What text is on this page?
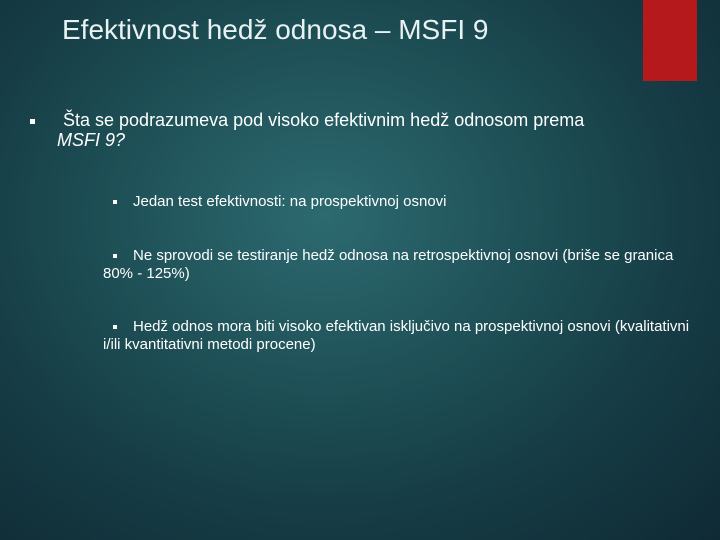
Efektivnost hedž odnosa – MSFI 9
Šta se podrazumeva pod visoko efektivnim hedž odnosom prema
MSFI 9?
Jedan test efektivnosti: na prospektivnoj osnovi
Ne sprovodi se testiranje hedž odnosa na retrospektivnoj osnovi (briše se granica 80% - 125%)
Hedž odnos mora biti visoko efektivan isključivo na prospektivnoj osnovi (kvalitativni i/ili kvantitativni metodi procene)
